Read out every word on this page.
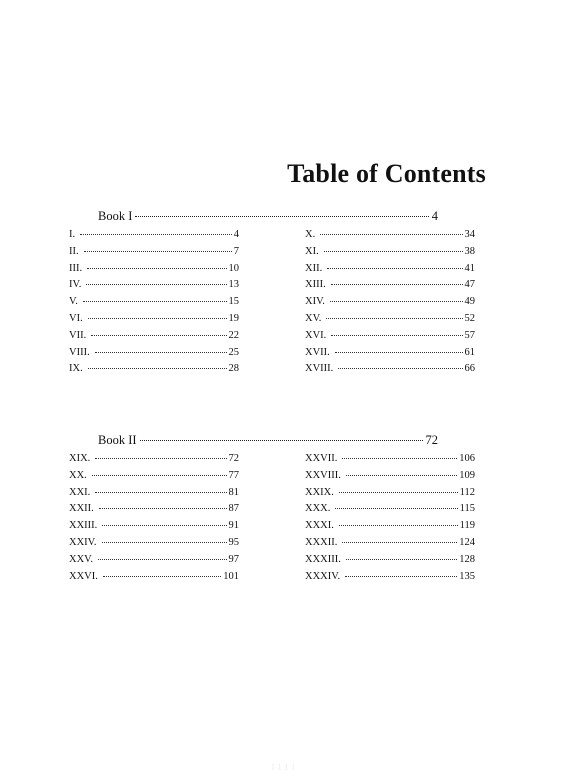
Table of Contents
Book I	4
I.	4
II.	7
III.	10
IV.	13
V.	15
VI.	19
VII.	22
VIII.	25
IX.	28
X.	34
XI.	38
XII.	41
XIII.	47
XIV.	49
XV.	52
XVI.	57
XVII.	61
XVIII.	66
Book II	72
XIX.	72
XX.	77
XXI.	81
XXII.	87
XXIII.	91
XXIV.	95
XXV.	97
XXVI.	101
XXVII.	106
XXVIII.	109
XXIX.	112
XXX.	115
XXXI.	119
XXXII.	124
XXXIII.	128
XXXIV.	135
1 1 1 1
